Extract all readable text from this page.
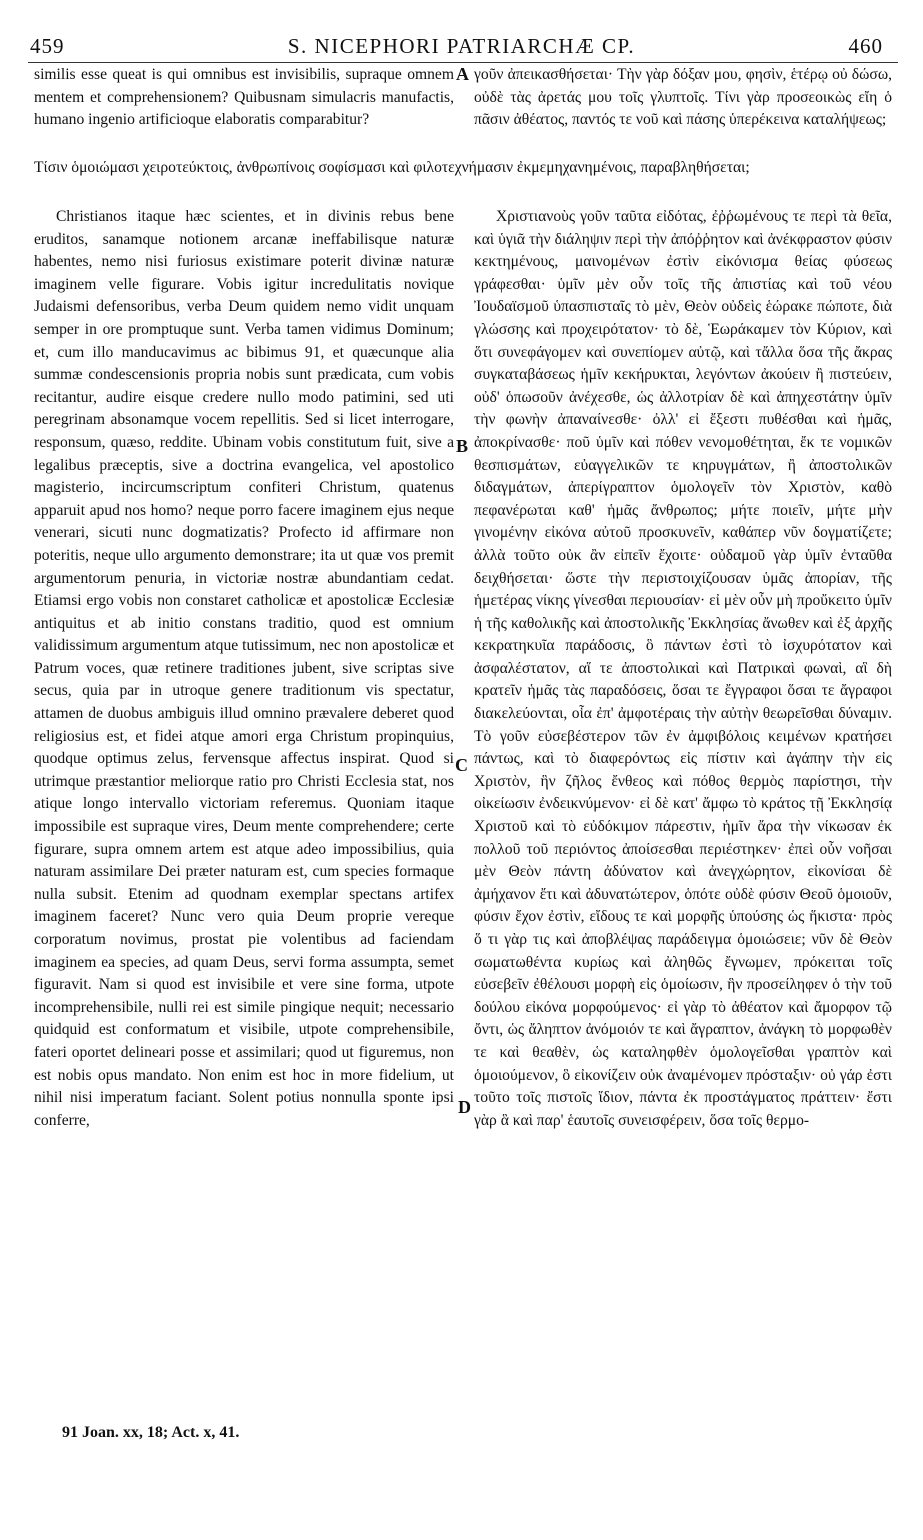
459	S. NICEPHORI PATRIARCHÆ CP.	460

similis esse queat is qui omnibus est invisibilis, supraque omnem mentem et comprehensionem? Quibusnam simulacris manufactis, humano ingenio artificioque elaboratis comparabitur?

γοῦν ἀπεικασθήσεται· Τὴν γὰρ δόξαν μου, φησὶν, ἑτέρῳ οὐ δώσω, οὐδὲ τὰς ἀρετάς μου τοῖς γλυπτοῖς. Τίνι γὰρ προσεοικὼς εἴη ὁ πᾶσιν ἀθέατος, παντός τε νοῦ καὶ πάσης ὑπερέκεινα καταλήψεως;

Τίσιν ὁμοιώμασι χειροτεύκτοις, ἀνθρωπίνοις σοφίσμασι καὶ φιλοτεχνήμασιν ἐκμεμηχανημένοις, παραβληθήσεται;

Christianos itaque hæc scientes, et in divinis rebus bene eruditos, sanamque notionem arcanæ ineffabilisque naturæ habentes, nemo nisi furiosus existimare poterit divinæ naturæ imaginem velle figurare. Vobis igitur incredulitatis novique Judaismi defensoribus, verba Deum quidem nemo vidit unquam semper in ore promptuque sunt. Verba tamen vidimus Dominum; et, cum illo manducavimus ac bibimus 91, et quæcunque alia summæ condescensionis propria nobis sunt prædicata, cum vobis recitantur, audire eisque credere nullo modo patimini, sed uti peregrinam absonamque vocem repellitis. Sed si licet interrogare, responsum, quæso, reddite. Ubinam vobis constitutum fuit, sive a legalibus præceptis, sive a doctrina evangelica, vel apostolico magisterio, incircumscriptum confiteri Christum, quatenus apparuit apud nos homo? neque porro facere imaginem ejus neque venerari, sicuti nunc dogmatizatis? Profecto id affirmare non poteritis, neque ullo argumento demonstrare; ita ut quæ vos premit argumentorum penuria, in victoriæ nostræ abundantiam cedat. Etiamsi ergo vobis non constaret catholicæ et apostolicæ Ecclesiæ antiquitus et ab initio constans traditio, quod est omnium validissimum argumentum atque tutissimum, nec non apostolicæ et Patrum voces, quæ retinere traditiones jubent, sive scriptas sive secus, quia par in utroque genere traditionum vis spectatur, attamen de duobus ambiguis illud omnino prævalere deberet quod religiosius est, et fidei atque amori erga Christum propinquius, quodque optimus zelus, fervensque affectus inspirat. Quod si utrimque præstantior meliorque ratio pro Christi Ecclesia stat, nos atique longo intervallo victoriam referemus. Quoniam itaque impossibile est supraque vires, Deum mente comprehendere; certe figurare, supra omnem artem est atque adeo impossibilius, quia naturam assimilare Dei præter naturam est, cum species formaque nulla subsit. Etenim ad quodnam exemplar spectans artifex imaginem faceret? Nunc vero quia Deum proprie vereque corporatum novimus, prostat pie volentibus ad faciendam imaginem ea species, ad quam Deus, servi forma assumpta, semet figuravit. Nam si quod est invisibile et vere sine forma, utpote incomprehensibile, nulli rei est simile pingique nequit; necessario quidquid est conformatum et visibile, utpote comprehensibile, fateri oportet delineari posse et assimilari; quod ut figuremus, non est nobis opus mandato. Non enim est hoc in more fidelium, ut nihil nisi imperatum faciant. Solent potius nonnulla sponte ipsi conferre,

Χριστιανοὺς γοῦν ταῦτα εἰδότας, ἐῤῥωμένους τε περὶ τὰ θεῖα, καὶ ὑγιᾶ τὴν διάληψιν περὶ τὴν ἀπόῤῥητον καὶ ἀνέκφραστον φύσιν κεκτημένους, μαινομένων ἐστὶν εἰκόνισμα θείας φύσεως γράφεσθαι· ὑμῖν μὲν οὖν τοῖς τῆς ἀπιστίας καὶ τοῦ νέου Ἰουδαϊσμοῦ ὑπασπισταῖς τὸ μὲν, Θεὸν οὐδεὶς ἑώρακε πώποτε, διὰ γλώσσης καὶ προχειρότατον· τὸ δὲ, Ἑωράκαμεν τὸν Κύριον, καὶ ὅτι συνεφάγομεν καὶ συνεπίομεν αὐτῷ, καὶ τἄλλα ὅσα τῆς ἄκρας συγκαταβάσεως ἡμῖν κεκήρυκται, λεγόντων ἀκούειν ἢ πιστεύειν, οὐδ' ὁπωσοῦν ἀνέχεσθε, ὡς ἀλλοτρίαν δὲ καὶ ἀπηχεστάτην ὑμῖν τὴν φωνὴν ἀπαναίνεσθε· ὀλλ' εἰ ἔξεστι πυθέσθαι καὶ ἡμᾶς, ἀποκρίνασθε· ποῦ ὑμῖν καὶ πόθεν νενομοθέτηται, ἔκ τε νομικῶν θεσπισμάτων, εὐαγγελικῶν τε κηρυγμάτων, ἢ ἀποστολικῶν διδαγμάτων, ἀπερίγραπτον ὁμολογεῖν τὸν Χριστὸν, καθὸ πεφανέρωται καθ' ἡμᾶς ἄνθρωπος; μήτε ποιεῖν, μήτε μὴν γινομένην εἰκόνα αὐτοῦ προσκυνεῖν, καθάπερ νῦν δογματίζετε; ἀλλὰ τοῦτο οὐκ ἂν εἰπεῖν ἔχοιτε· οὐδαμοῦ γὰρ ὑμῖν ἐνταῦθα δειχθήσεται· ὥστε τὴν περιστοιχίζουσαν ὑμᾶς ἀπορίαν, τῆς ἡμετέρας νίκης γίνεσθαι περιουσίαν· εἰ μὲν οὖν μὴ προὔκειτο ὑμῖν ἡ τῆς καθολικῆς καὶ ἀποστολικῆς Ἐκκλησίας ἄνωθεν καὶ ἐξ ἀρχῆς κεκρατηκυῖα παράδοσις, ὃ πάντων ἐστὶ τὸ ἰσχυρότατον καὶ ἀσφαλέστατον, αἵ τε ἀποστολικαὶ καὶ Πατρικαὶ φωναὶ, αἳ δὴ κρατεῖν ἡμᾶς τὰς παραδόσεις, ὅσαι τε ἔγγραφοι ὅσαι τε ἄγραφοι διακελεύονται, οἷα ἐπ' ἀμφοτέραις τὴν αὐτὴν θεωρεῖσθαι δύναμιν. Τὸ γοῦν εὐσεβέστερον τῶν ἐν ἀμφιβόλοις κειμένων κρατήσει πάντως, καὶ τὸ διαφερόντως εἰς πίστιν καὶ ἀγάπην τὴν εἰς Χριστὸν, ἣν ζῆλος ἔνθεος καὶ πόθος θερμὸς παρίστησι, τὴν οἰκείωσιν ἐνδεικνύμενον· εἰ δὲ κατ' ἄμφω τὸ κράτος τῇ Ἐκκλησίᾳ Χριστοῦ καὶ τὸ εὐδόκιμον πάρεστιν, ἡμῖν ἄρα τὴν νίκωσαν ἐκ πολλοῦ τοῦ περιόντος ἀποίσεσθαι περιέστηκεν· ἐπεὶ οὖν νοῆσαι μὲν Θεὸν πάντη ἀδύνατον καὶ ἀνεγχώρητον, εἰκονίσαι δὲ ἀμήχανον ἔτι καὶ ἀδυνατώτερον, ὁπότε οὐδὲ φύσιν Θεοῦ ὁμοιοῦν, φύσιν ἔχον ἐστὶν, εἴδους τε καὶ μορφῆς ὑπούσης ὡς ἥκιστα· πρὸς ὅ τι γὰρ τις καὶ ἀποβλέψας παράδειγμα ὁμοιώσειε; νῦν δὲ Θεὸν σωματωθέντα κυρίως καὶ ἀληθῶς ἔγνωμεν, πρόκειται τοῖς εὐσεβεῖν ἐθέλουσι μορφὴ εἰς ὁμοίωσιν, ἣν προσείληφεν ὁ τὴν τοῦ δούλου εἰκόνα μορφούμενος· εἰ γὰρ τὸ ἀθέατον καὶ ἄμορφον τῷ ὄντι, ὡς ἄληπτον ἀνόμοιόν τε καὶ ἄγραπτον, ἀνάγκη τὸ μορφωθὲν τε καὶ θεαθὲν, ὡς καταληφθὲν ὁμολογεῖσθαι γραπτὸν καὶ ὁμοιούμενον, ὃ εἰκονίζειν οὐκ ἀναμένομεν πρόσταξιν· οὐ γάρ ἐστι τοῦτο τοῖς πιστοῖς ἴδιον, πάντα ἐκ προστάγματος πράττειν· ἔστι γὰρ ἃ καὶ παρ' ἑαυτοῖς συνεισφέρειν, ὅσα τοῖς θερμο-

A
B
C
D
91 Joan. xx, 18; Act. x, 41.
